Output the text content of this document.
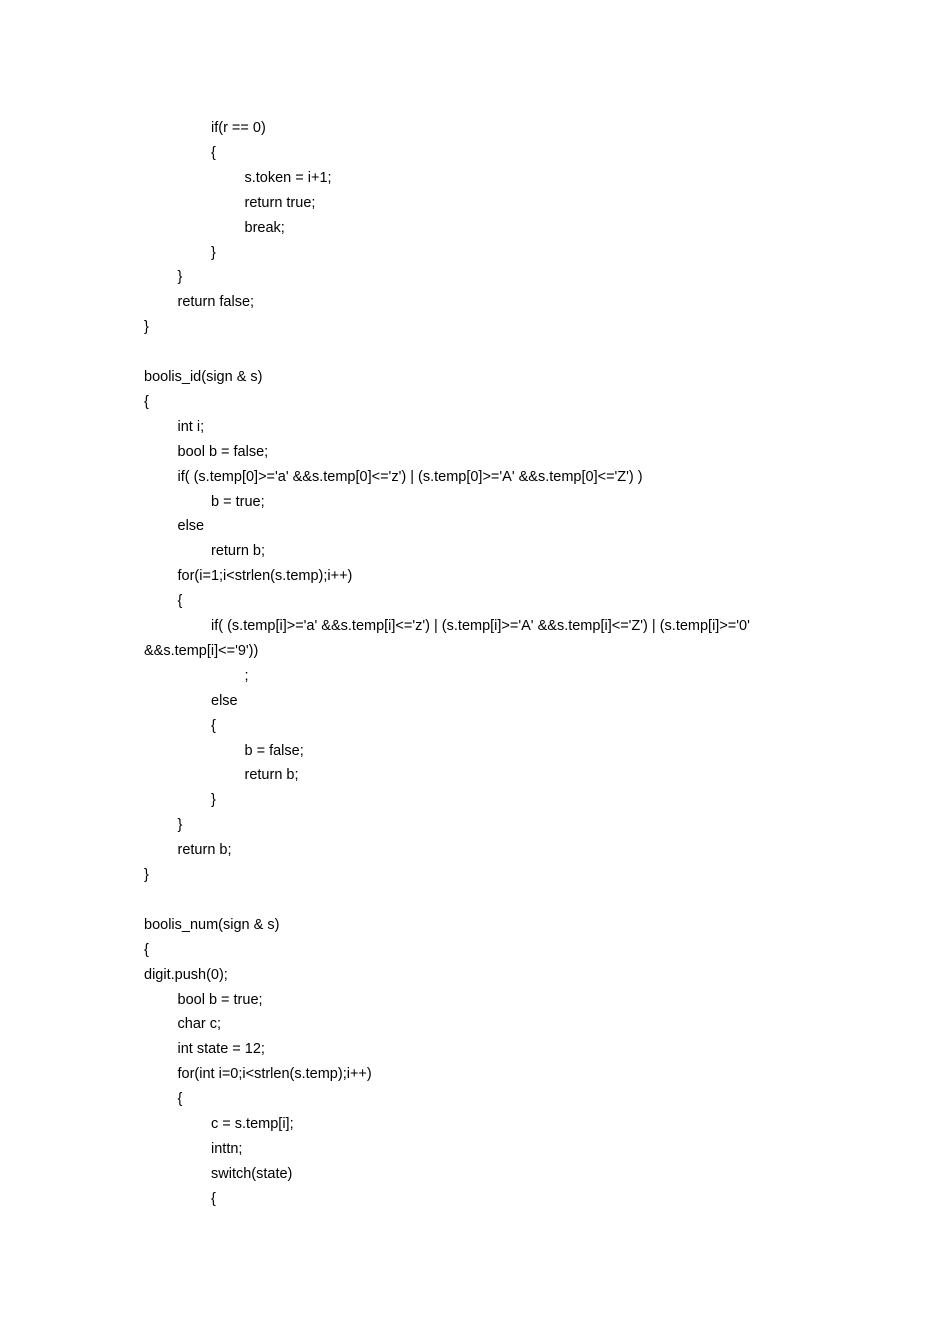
if(r == 0)
{
s.token = i+1;
return true;
break;
}
}
return false;
}
boolis_id(sign & s)
{
int i;
bool b = false;
if( (s.temp[0]>='a' &&s.temp[0]<='z') | (s.temp[0]>='A' &&s.temp[0]<='Z') )
b = true;
else
return b;
for(i=1;i<strlen(s.temp);i++)
{
if( (s.temp[i]>='a' &&s.temp[i]<='z') | (s.temp[i]>='A' &&s.temp[i]<='Z') | (s.temp[i]>='0'
&&s.temp[i]<='9'))
;
else
{
b = false;
return b;
}
}
return b;
}
boolis_num(sign & s)
{
digit.push(0);
bool b = true;
char c;
int state = 12;
for(int i=0;i<strlen(s.temp);i++)
{
c = s.temp[i];
inttn;
switch(state)
{
